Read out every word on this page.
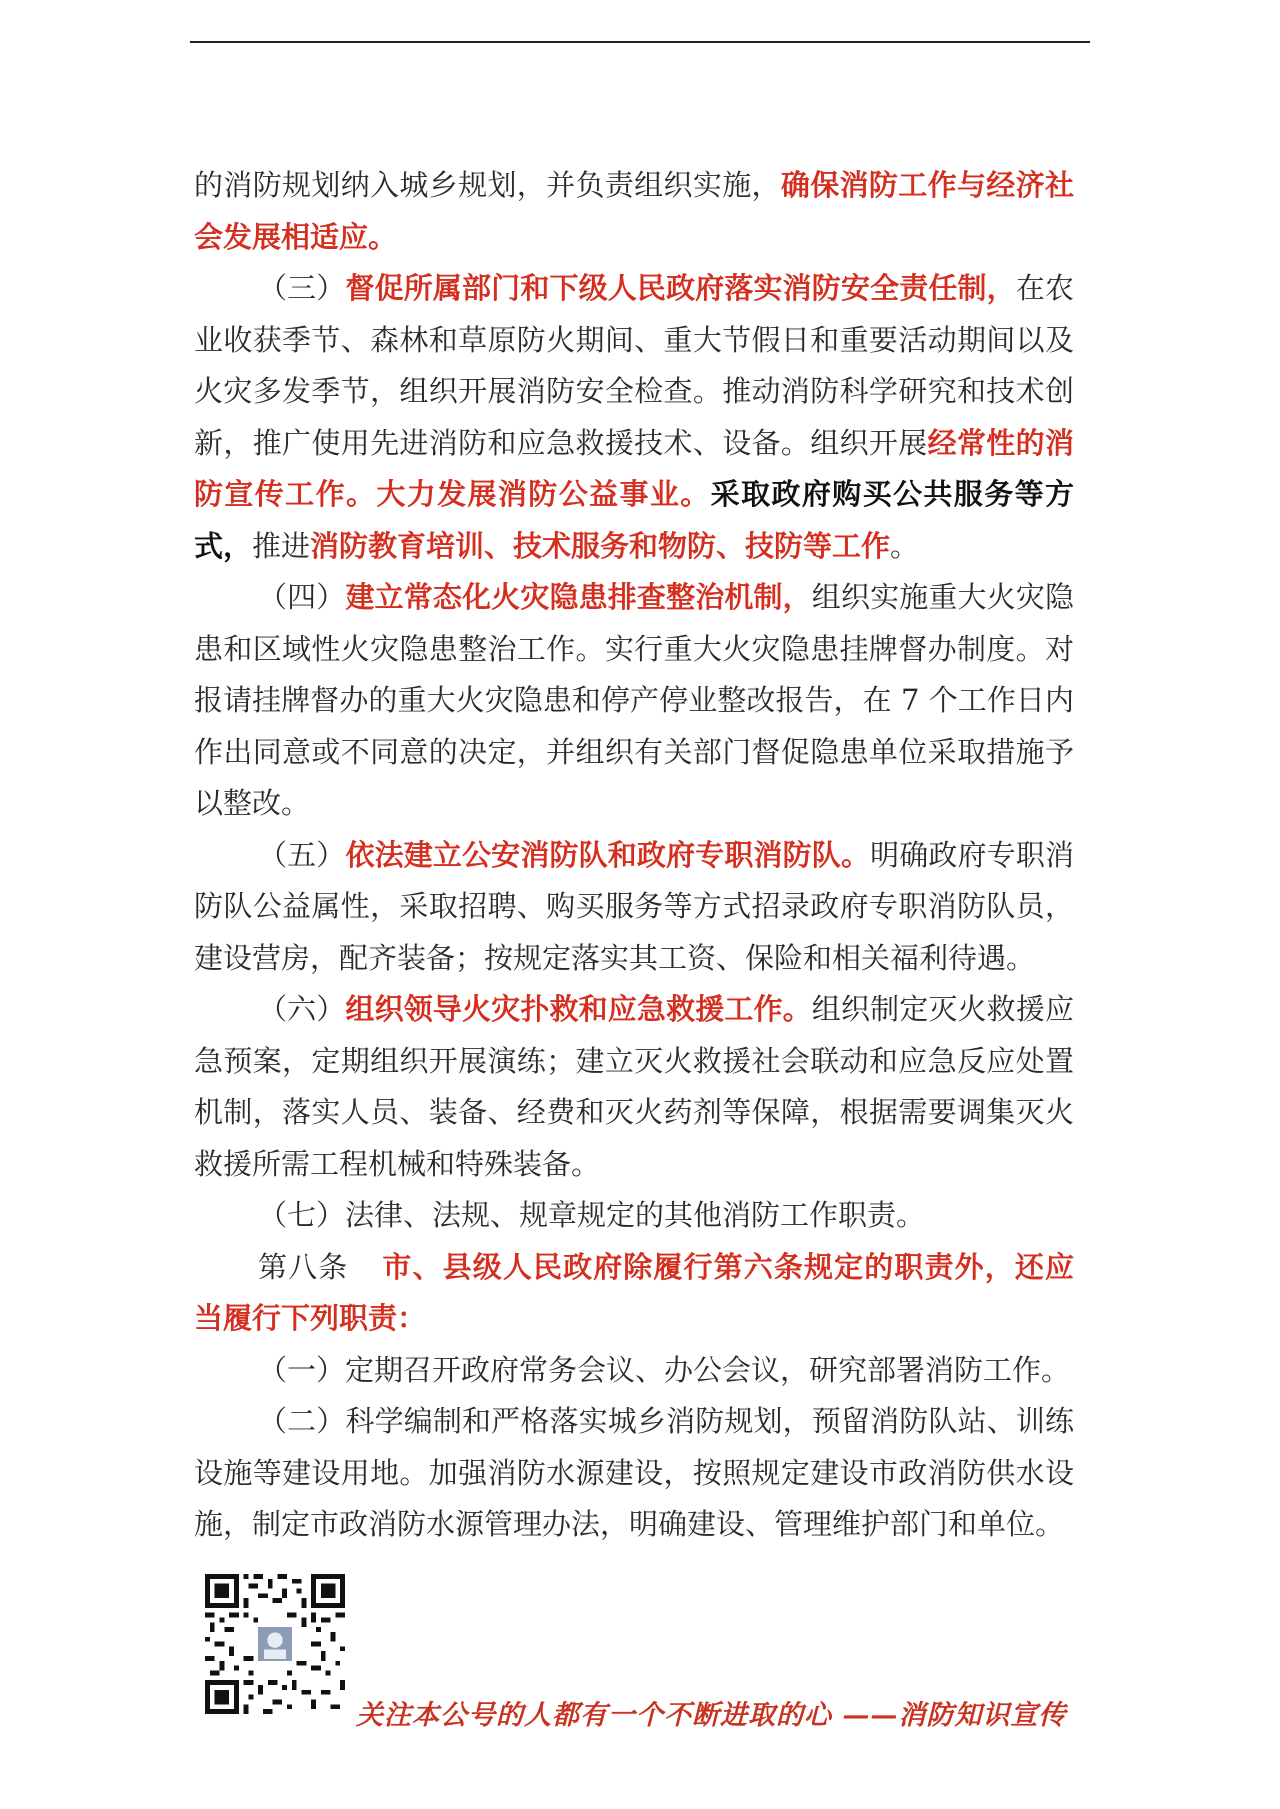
的消防规划纳入城乡规划，并负责组织实施，确保消防工作与经济社会发展相适应。

（三）督促所属部门和下级人民政府落实消防安全责任制，在农业收获季节、森林和草原防火期间、重大节假日和重要活动期间以及火灾多发季节，组织开展消防安全检查。推动消防科学研究和技术创新，推广使用先进消防和应急救援技术、设备。组织开展经常性的消防宣传工作。大力发展消防公益事业。采取政府购买公共服务等方式，推进消防教育培训、技术服务和物防、技防等工作。

（四）建立常态化火灾隐患排查整治机制，组织实施重大火灾隐患和区域性火灾隐患整治工作。实行重大火灾隐患挂牌督办制度。对报请挂牌督办的重大火灾隐患和停产停业整改报告，在 7 个工作日内作出同意或不同意的决定，并组织有关部门督促隐患单位采取措施予以整改。

（五）依法建立公安消防队和政府专职消防队。明确政府专职消防队公益属性，采取招聘、购买服务等方式招录政府专职消防队员，建设营房，配齐装备；按规定落实其工资、保险和相关福利待遇。

（六）组织领导火灾扑救和应急救援工作。组织制定灭火救援应急预案，定期组织开展演练；建立灭火救援社会联动和应急反应处置机制，落实人员、装备、经费和灭火药剂等保障，根据需要调集灭火救援所需工程机械和特殊装备。

（七）法律、法规、规章规定的其他消防工作职责。

第八条 市、县级人民政府除履行第六条规定的职责外，还应当履行下列职责：

（一）定期召开政府常务会议、办公会议，研究部署消防工作。

（二）科学编制和严格落实城乡消防规划，预留消防队站、训练设施等建设用地。加强消防水源建设，按照规定建设市政消防供水设施，制定市政消防水源管理办法，明确建设、管理维护部门和单位。

关注本公号的人都有一个不断进取的心 ——消防知识宣传
